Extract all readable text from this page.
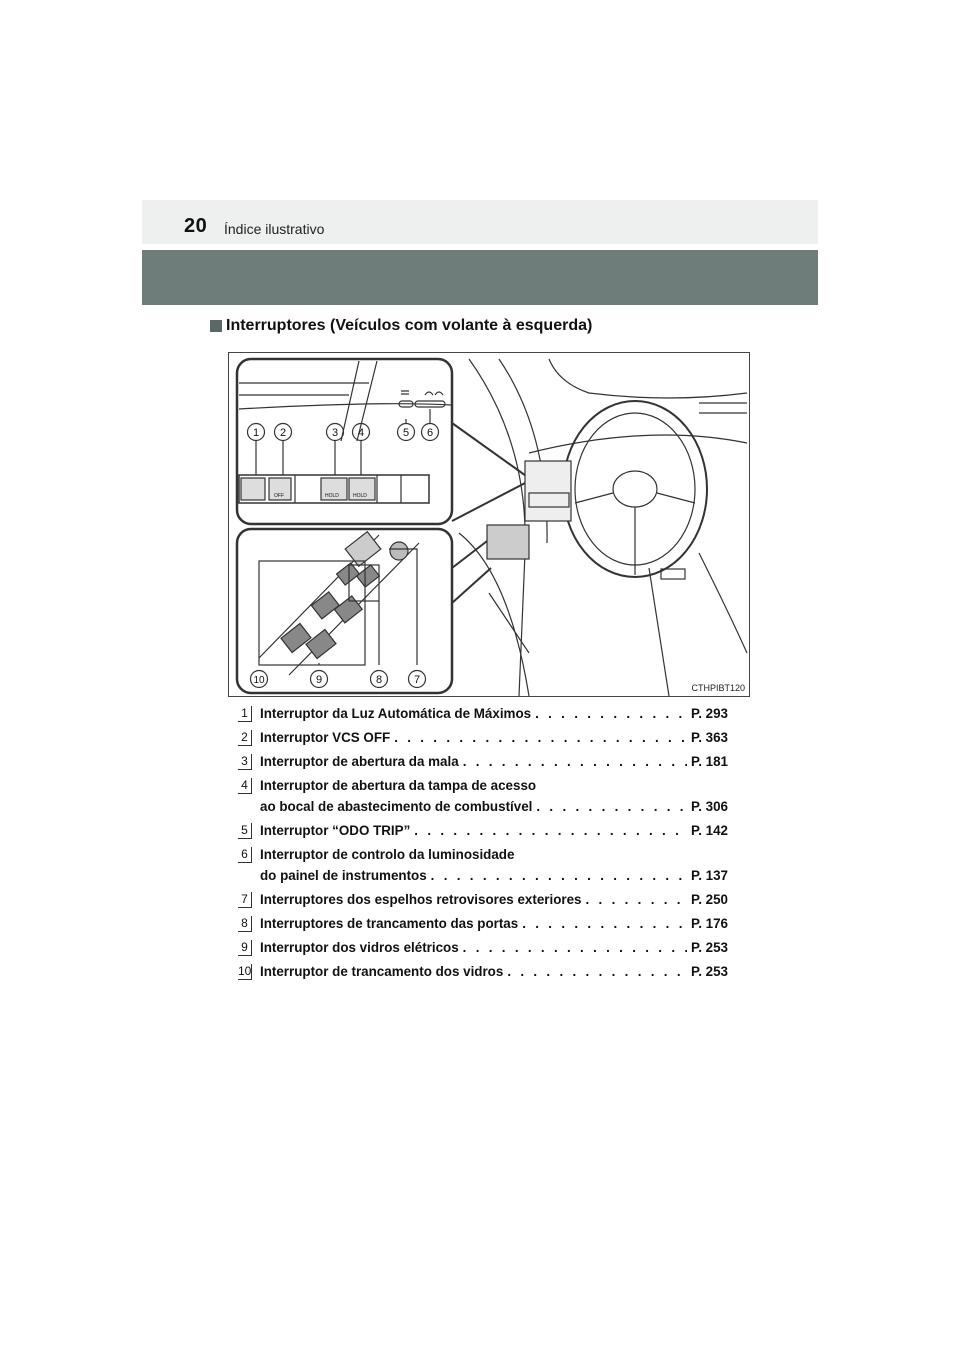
20 Índice ilustrativo
Interruptores (Veículos com volante à esquerda)
OFF	HOLD	HOLD
1 2	3 4	5 6
10	9	8	7
CTHPIBT120
1 Interruptor da Luz Automática de Máximos . . .	P. 293
2 Interruptor VCS OFF . . .	P. 363
3 Interruptor de abertura da mala . . .	P. 181
4 Interruptor de abertura da tampa de acesso
ao bocal de abastecimento de combustível . . .	P. 306
5 Interruptor “ODO TRIP” . . .	P. 142
6 Interruptor de controlo da luminosidade
do painel de instrumentos . . .	P. 137
7 Interruptores dos espelhos retrovisores exteriores . . .	P. 250
8 Interruptores de trancamento das portas . . .	P. 176
9 Interruptor dos vidros elétricos . . .	P. 253
10 Interruptor de trancamento dos vidros . . .	P. 253
